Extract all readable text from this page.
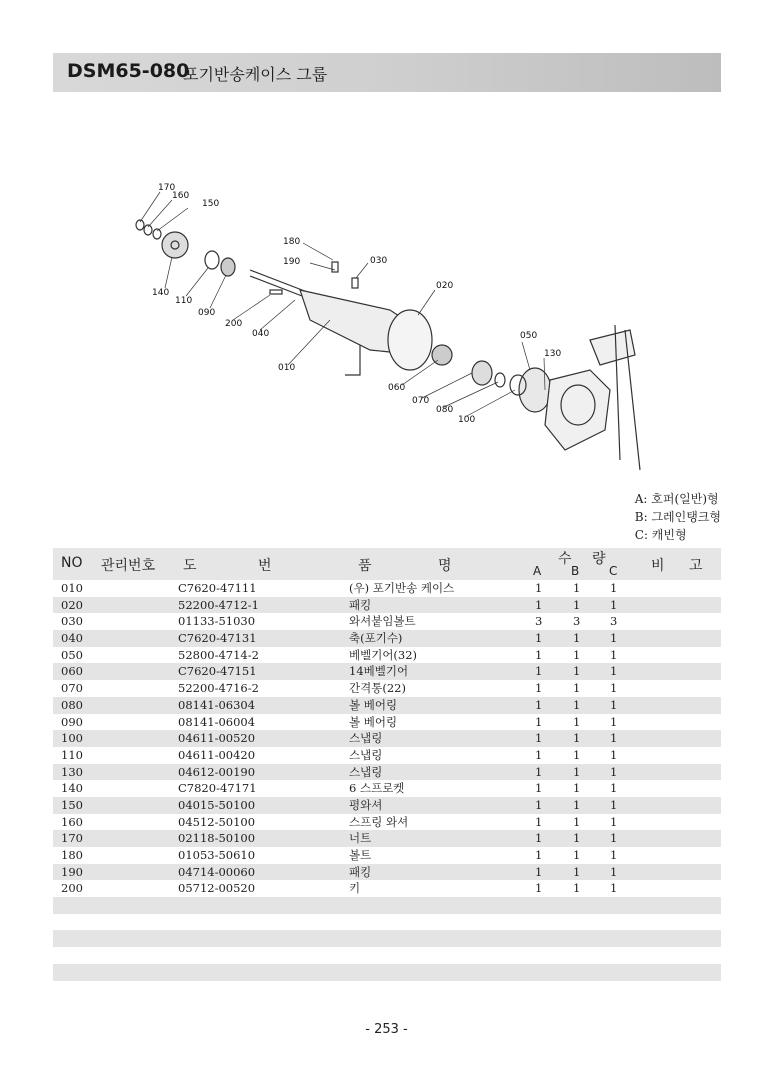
DSM65-080
포기반송케이스 그룹
170
160
150
140
110
090
200
040
010
180
190	030
020
050
130
060
070
080
100
A: 호퍼(일반)형
B: 그레인탱크형
C: 캐빈형
NO 관리번호 도	번	품	명	수 량
A B C 비 고
010	C7620-47111	(우) 포기반송 케이스	1	1	1
020	52200-4712-1	패킹	1	1	1
030	01133-51030	와셔붙임볼트	3	3	3
040	C7620-47131	축(포기수)	1	1	1
050	52800-4714-2	베벨기어(32)	1	1	1
060	C7620-47151	14베벨기어	1	1	1
070	52200-4716-2	간격통(22)	1	1	1
080	08141-06304	볼 베어링	1	1	1
090	08141-06004	볼 베어링	1	1	1
100	04611-00520	스냅링	1	1	1
110	04611-00420	스냅링	1	1	1
130	04612-00190	스냅링	1	1	1
140	C7820-47171	6 스프로켓	1	1	1
150	04015-50100	평와셔	1	1	1
160	04512-50100	스프링 와셔	1	1	1
170	02118-50100	너트	1	1	1
180	01053-50610	볼트	1	1	1
190	04714-00060	패킹	1	1	1
200	05712-00520	키	1	1	1
- 253 -
